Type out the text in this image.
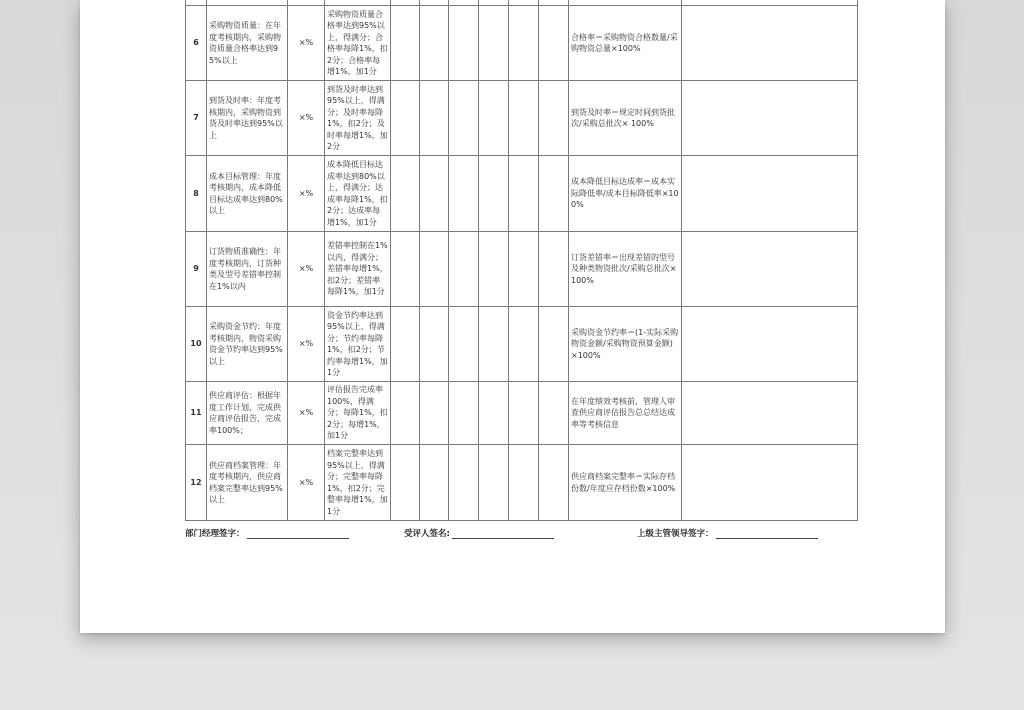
6	采购物资质量：在年度考核期内，采购物资质量合格率达到95%以上	×%	采购物资质量合格率达到95%以上，得满分；合格率每降1%，扣2分；合格率每增1%，加1分							合格率＝采购物资合格数量/采购物资总量×100%	
7	到货及时率：年度考核期内，采购物资到货及时率达到95%以上	×%	到货及时率达到95%以上，得满分；及时率每降1%，扣2分；及时率每增1%，加2分							到货及时率＝规定时间到货批次/采购总批次× 100%	
8	成本目标管理：年度考核期内，成本降低目标达成率达到80%以上	×%	成本降低目标达成率达到80%以上，得满分；达成率每降1%，扣2分；达成率每增1%，加1分							成本降低目标达成率＝成本实际降低率/成本目标降低率×100%	
9	订货物质准确性：年度考核期内，订货种类及型号差错率控制在1%以内	×%	差错率控制在1%以内，得满分；差错率每增1%，扣2分；差错率每降1%，加1分							订货差错率＝出现差错的型号及种类物资批次/采购总批次×100%	
10	采购资金节约：年度考核期内，物资采购资金节约率达到95%以上	×%	资金节约率达到95%以上，得满分；节约率每降1%，扣2分；节约率每增1%，加1分							采购资金节约率＝(1-实际采购物资金额/采购物资预算金额) ×100%	
11	供应商评估：根据年度工作计划，完成供应商评估报告，完成率100%；	×%	评估报告完成率100%，得满分；每降1%，扣2分；每增1%，加1分							在年度绩效考核前，管理人审查供应商评估报告总总结达成率等考核信息	
12	供应商档案管理：年度考核期内，供应商档案完整率达到95%以上	×%	档案完整率达到95%以上，得满分；完整率每降1%，扣2分；完整率每增1%，加1分							供应商档案完整率＝实际存档份数/年度应存档份数×100%	
部门经理签字：	受评人签名:	上级主管领导签字：
